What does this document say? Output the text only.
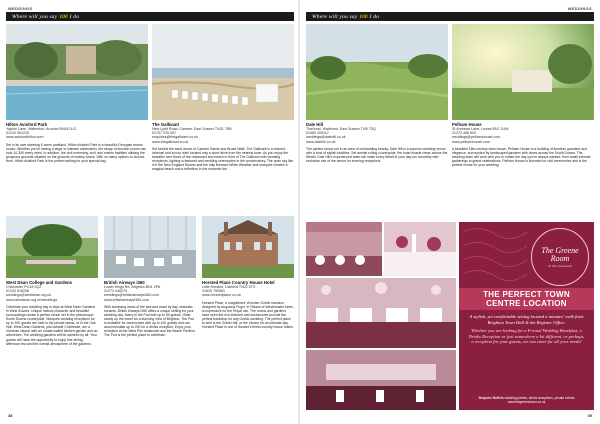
WEDDINGS
Where will you say 100 I do
Hilton Avisford Park
Yapton Lane, Walberton, Arundel BN18 0LS,
01243 551215
www.avisfordhilton.com
Set in its own stunning 6 acres parkland, Hilton Avisford Park is a beautiful Georgian manor house. Whether you're having a large or intimate celebration, the range of function rooms can hold 10-300 every need. In addition, the civil ceremony, civil, and events facilities utilising the gorgeous grounds situated on the grounds of nearby towns. With so many options to choose from, Hilton Avisford Park is the perfect setting for your special day.
The Gallivant
New Lydd Road, Camber, East Sussex TN31 7RB
01797 225 057
enquiries@thegallivant.co.uk
www.thegallivant.co.uk
Set behind the sand dunes of Camber Sands and Broad Walk, The Gallivant is a relaxed, informal and luxury hotel located only a short drive from the nearest town. As you enjoy the beautiful new floors of the restaurant and beach in front of The Gallivant with wedding receptions, lighting is featured and wedding ceremonies in the conservatory. The open sky like it in the New England Rooms and the fully licensed White Weather and marquee creates a magical beach and a reflection in the romantic fair
West Dean College and Gardens
Chichester PO18 0QZ
01243 818208
weddings@westdean.org.uk
www.westdean.org.uk/weddings
Celebrate your wedding day in style at West Dean Gardens in West Sussex. Unique historic character and beautiful surroundings create a perfect venue set in the picturesque South Downs countryside. Marquee wedding receptions for up to 200 guests are held in the private lawns, or in the Oak Hall. West Dean Gardens, just outside Chichester, are a Victorian classic with an ornate walled kitchen garden and an arboretum. The wedding gardens will be admired by all. Your guests will have the opportunity to enjoy fine dining, afternoon tea and the overall atmosphere of the gardens.
British Airways i360
Lower Kings Rd, Brighton BN1 2PA
01273 448275
weddings@britishairwaysi360.com
www.britishairwaysi360.com
With sweeping views of the sea and coast by day, dramatic sunsets, British Airways i360 offers a unique setting for your wedding day. Marry in the Pod with up to 60 guests. Glide slowly up the tower for a stunning view of Brighton. The Pod is available for ceremonies with up to 100 guests and can accommodate up to 200 for a drinks reception. Enjoy your reception at the West Pier restaurant and the Beach Pavilion. The Pod is the perfect place to celebrate.
Horsted Place Country House Hotel
Little Horsted, Uckfield TN22 5TS
01825 750581
www.horstedplace.co.uk
Horsted Place, a magnificent Victorian Gothic mansion designed by Augustus Pugin, in Palace of Westminster fame, is impressive for the Royal use. The rooms and gardens have seen the rich textured and accessories provide the perfect backdrop for any Gothic wedding. The perfect place to wed is the Great Hall, or the Library for an intimate day. Horsted Place is one of Sussex's finest country house hotels.
38
WEDDINGS
Where will you say 100 I do
Dale Hill
Ticehurst, Wadhurst, East Sussex TN5 7DQ
01580 200112
weddings@dalehill.co.uk
www.dalehill.co.uk
The perfect venue set in an area of outstanding beauty, Dale Hill is a superior wedding venue with a host of stylish facilities. Set amidst rolling countryside, the hotel boasts views across the Weald. Dale Hill's experienced team will make every detail of your day run smoothly with exclusive use of the venue for evening receptions.
Pelham House
St Andrews Lane, Lewes BN7 1UW
01273 488 600
weddings@pelhamhouse.com
www.pelhamhouse.com
A beautiful 16th-century town house, Pelham House is a building of timeless grandeur and elegance, surrounded by landscaped gardens with views across the South Downs. The wedding team will work with you to create the day you've always wanted, from small intimate gatherings to grand celebrations. Pelham House is licensed for civil ceremonies and is the perfect venue for your wedding.
The Greene Room
At The Gatehouse
THE PERFECT TOWN
CENTRE LOCATION
A stylish, yet comfortable setting located a minutes' walk from Brighton Town Hall & the Register Office.
Whether you are looking for a Formal Wedding Breakfast, a Drinks Reception or just somewhere a bit different, or perhaps, a reception for your guests, we can cater for all your needs!
Bespoke Buffets wedding parties, drinks receptions, private events
www.thegreeneroom.co.uk
39
